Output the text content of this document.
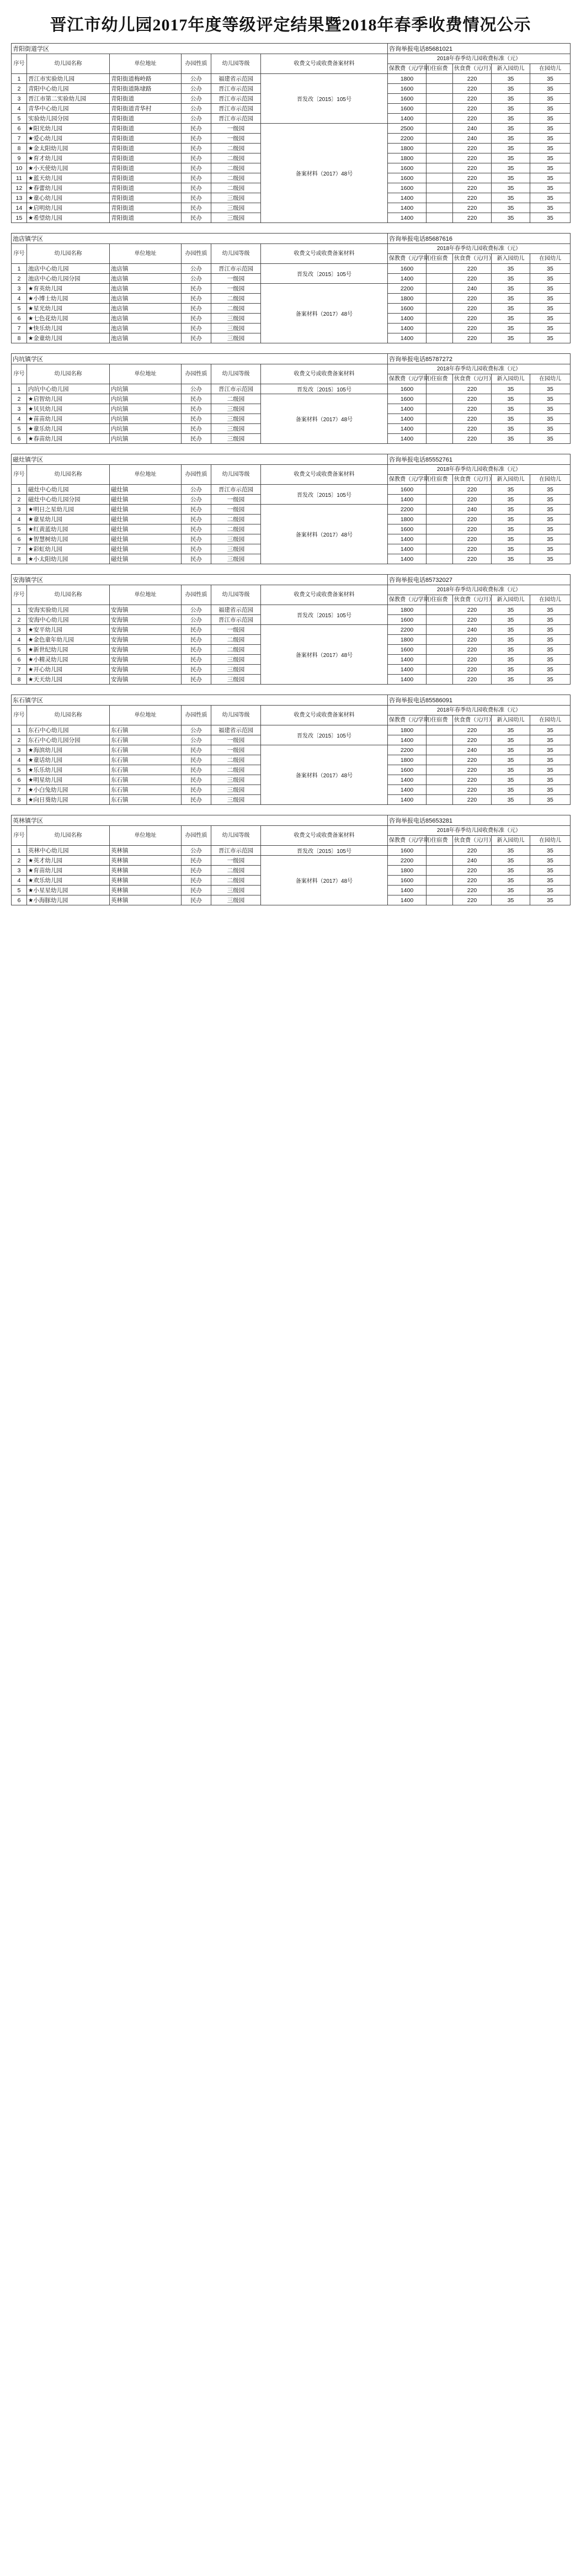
晋江市幼儿园2017年度等级评定结果暨2018年春季收费情况公示
青阳街道学区						咨询举报电话85681021				
序号	幼儿园名称	单位地址	办园性质	幼儿园等级	收费文号或收费备案材料	2018年春季幼儿园收费标准（元）				
						保教费（元/学期）	住宿费	伙食费（元/月）	新入园幼儿	在园幼儿
1	晋江市实验幼儿园	青阳街道梅岭路	公办	福建省示范园	晋发改〔2015〕105号	1800		220	35	35
2	青阳中心幼儿园	青阳街道陈埭路	公办	晋江市示范园		1600		220	35	35
3	晋江市第二实验幼儿园	青阳街道	公办	晋江市示范园		1600		220	35	35
4	青华中心幼儿园	青阳街道青华村	公办	晋江市示范园		1600		220	35	35
5	实验幼儿园分园	青阳街道	公办	晋江市示范园		1400		220	35	35
6	★阳光幼儿园	青阳街道	民办	一级园	备案材料（2017）48号	2500		240	35	35
7	★爱心幼儿园	青阳街道	民办	一级园		2200		240	35	35
8	★金太阳幼儿园	青阳街道	民办	二级园		1800		220	35	35
9	★育才幼儿园	青阳街道	民办	二级园		1800		220	35	35
10	★小天使幼儿园	青阳街道	民办	二级园		1600		220	35	35
11	★蓝天幼儿园	青阳街道	民办	二级园		1600		220	35	35
12	★春蕾幼儿园	青阳街道	民办	二级园		1600		220	35	35
13	★童心幼儿园	青阳街道	民办	三级园		1400		220	35	35
14	★启明幼儿园	青阳街道	民办	三级园		1400		220	35	35
15	★希望幼儿园	青阳街道	民办	三级园		1400		220	35	35
池店镇学区						咨询举报电话85687616				
序号	幼儿园名称	单位地址	办园性质	幼儿园等级	收费文号或收费备案材料	2018年春季幼儿园收费标准（元）				
						保教费（元/学期）	住宿费	伙食费（元/月）	新入园幼儿	在园幼儿
1	池店中心幼儿园	池店镇	公办	晋江市示范园	晋发改〔2015〕105号	1600		220	35	35
2	池店中心幼儿园分园	池店镇	公办	一级园		1400		220	35	35
3	★育英幼儿园	池店镇	民办	一级园	备案材料（2017）48号	2200		240	35	35
4	★小博士幼儿园	池店镇	民办	二级园		1800		220	35	35
5	★星光幼儿园	池店镇	民办	二级园		1600		220	35	35
6	★七色花幼儿园	池店镇	民办	三级园		1400		220	35	35
7	★快乐幼儿园	池店镇	民办	三级园		1400		220	35	35
8	★金童幼儿园	池店镇	民办	三级园		1400		220	35	35
内坑镇学区						咨询举报电话85787272				
序号	幼儿园名称	单位地址	办园性质	幼儿园等级	收费文号或收费备案材料	2018年春季幼儿园收费标准（元）				
						保教费（元/学期）	住宿费	伙食费（元/月）	新入园幼儿	在园幼儿
1	内坑中心幼儿园	内坑镇	公办	晋江市示范园	晋发改〔2015〕105号	1600		220	35	35
2	★启智幼儿园	内坑镇	民办	二级园	备案材料（2017）48号	1600		220	35	35
3	★贝贝幼儿园	内坑镇	民办	三级园		1400		220	35	35
4	★苗苗幼儿园	内坑镇	民办	三级园		1400		220	35	35
5	★童乐幼儿园	内坑镇	民办	三级园		1400		220	35	35
6	★春苗幼儿园	内坑镇	民办	三级园		1400		220	35	35
磁灶镇学区						咨询举报电话85552761				
序号	幼儿园名称	单位地址	办园性质	幼儿园等级	收费文号或收费备案材料	2018年春季幼儿园收费标准（元）				
						保教费（元/学期）	住宿费	伙食费（元/月）	新入园幼儿	在园幼儿
1	磁灶中心幼儿园	磁灶镇	公办	晋江市示范园	晋发改〔2015〕105号	1600		220	35	35
2	磁灶中心幼儿园分园	磁灶镇	公办	一级园		1400		220	35	35
3	★明日之星幼儿园	磁灶镇	民办	一级园	备案材料（2017）48号	2200		240	35	35
4	★童星幼儿园	磁灶镇	民办	二级园		1800		220	35	35
5	★红黄蓝幼儿园	磁灶镇	民办	二级园		1600		220	35	35
6	★智慧树幼儿园	磁灶镇	民办	三级园		1400		220	35	35
7	★彩虹幼儿园	磁灶镇	民办	三级园		1400		220	35	35
8	★小太阳幼儿园	磁灶镇	民办	三级园		1400		220	35	35
安海镇学区						咨询举报电话85732027				
序号	幼儿园名称	单位地址	办园性质	幼儿园等级	收费文号或收费备案材料	2018年春季幼儿园收费标准（元）				
						保教费（元/学期）	住宿费	伙食费（元/月）	新入园幼儿	在园幼儿
1	安海实验幼儿园	安海镇	公办	福建省示范园	晋发改〔2015〕105号	1800		220	35	35
2	安海中心幼儿园	安海镇	公办	晋江市示范园		1600		220	35	35
3	★安平幼儿园	安海镇	民办	一级园	备案材料（2017）48号	2200		240	35	35
4	★金色童年幼儿园	安海镇	民办	二级园		1800		220	35	35
5	★新世纪幼儿园	安海镇	民办	二级园		1600		220	35	35
6	★小精灵幼儿园	安海镇	民办	三级园		1400		220	35	35
7	★开心幼儿园	安海镇	民办	三级园		1400		220	35	35
8	★天天幼儿园	安海镇	民办	三级园		1400		220	35	35
东石镇学区						咨询举报电话85586091				
序号	幼儿园名称	单位地址	办园性质	幼儿园等级	收费文号或收费备案材料	2018年春季幼儿园收费标准（元）				
						保教费（元/学期）	住宿费	伙食费（元/月）	新入园幼儿	在园幼儿
1	东石中心幼儿园	东石镇	公办	福建省示范园	晋发改〔2015〕105号	1800		220	35	35
2	东石中心幼儿园分园	东石镇	公办	一级园		1400		220	35	35
3	★海滨幼儿园	东石镇	民办	一级园	备案材料（2017）48号	2200		240	35	35
4	★童话幼儿园	东石镇	民办	二级园		1800		220	35	35
5	★乐乐幼儿园	东石镇	民办	二级园		1600		220	35	35
6	★明星幼儿园	东石镇	民办	三级园		1400		220	35	35
7	★小白兔幼儿园	东石镇	民办	三级园		1400		220	35	35
8	★向日葵幼儿园	东石镇	民办	三级园		1400		220	35	35
英林镇学区						咨询举报电话85653281				
序号	幼儿园名称	单位地址	办园性质	幼儿园等级	收费文号或收费备案材料	2018年春季幼儿园收费标准（元）				
						保教费（元/学期）	住宿费	伙食费（元/月）	新入园幼儿	在园幼儿
1	英林中心幼儿园	英林镇	公办	晋江市示范园	晋发改〔2015〕105号	1600		220	35	35
2	★英才幼儿园	英林镇	民办	一级园	备案材料（2017）48号	2200		240	35	35
3	★育苗幼儿园	英林镇	民办	二级园		1800		220	35	35
4	★欢乐幼儿园	英林镇	民办	二级园		1600		220	35	35
5	★小星星幼儿园	英林镇	民办	三级园		1400		220	35	35
6	★小海豚幼儿园	英林镇	民办	三级园		1400		220	35	35
